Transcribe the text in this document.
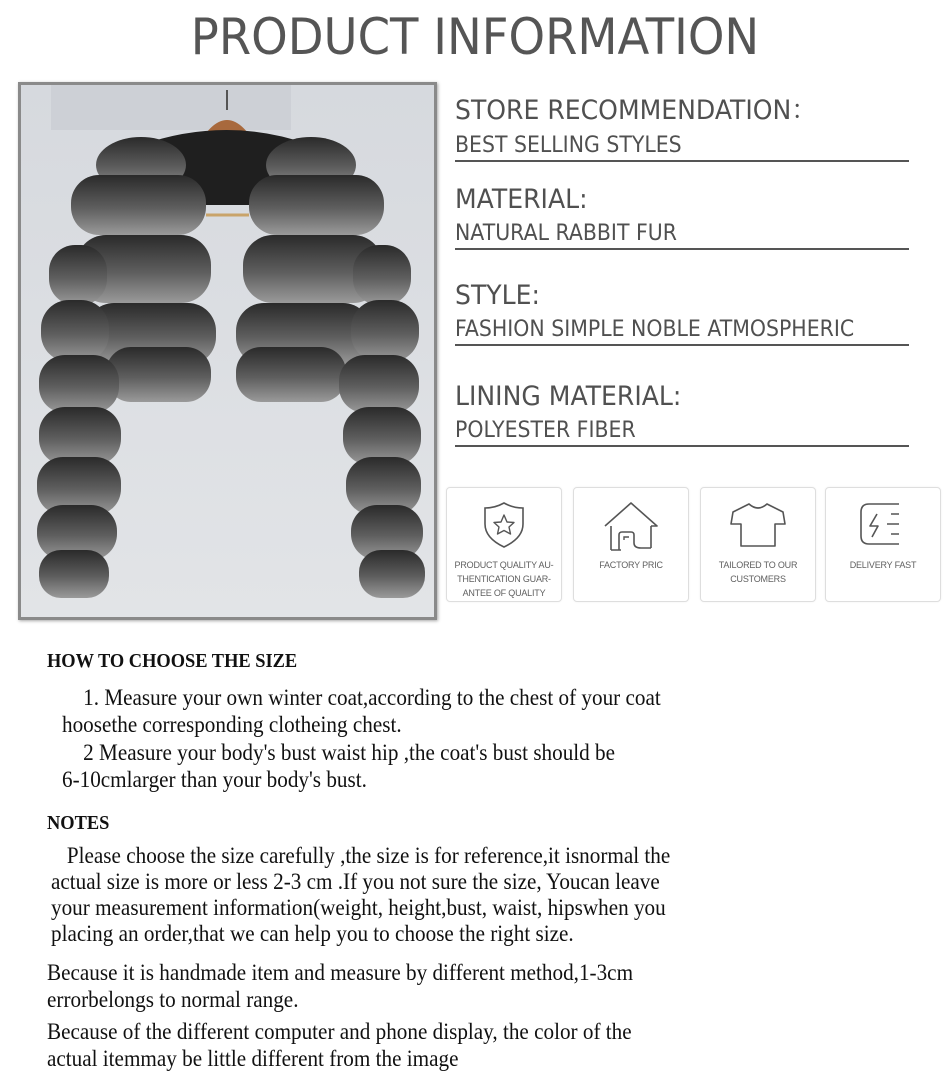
PRODUCT INFORMATION
STORE RECOMMENDATION：
BEST SELLING STYLES
MATERIAL:
NATURAL RABBIT FUR
STYLE:
FASHION SIMPLE NOBLE ATMOSPHERIC
LINING MATERIAL:
POLYESTER FIBER
PRODUCT QUALITY AU-
THENTICATION GUAR-
ANTEE OF QUALITY
FACTORY PRIC	TAILORED TO OUR
CUSTOMERS
DELIVERY FAST
HOW TO CHOOSE THE SIZE
1. Measure your own winter coat,according to the chest of your coat
hoosethe corresponding clotheing chest.
2 Measure your body's bust waist hip ,the coat's bust should be
6-10cmlarger than your body's bust.
NOTES
Please choose the size carefully ,the size is for reference,it isnormal the
actual size is more or less 2-3 cm .If you not sure the size, Youcan leave
your measurement information(weight, height,bust, waist, hipswhen you
placing an order,that we can help you to choose the right size.
Because it is handmade item and measure by different method,1-3cm
errorbelongs to normal range.
Because of the different computer and phone display, the color of the
actual itemmay be little different from the image
